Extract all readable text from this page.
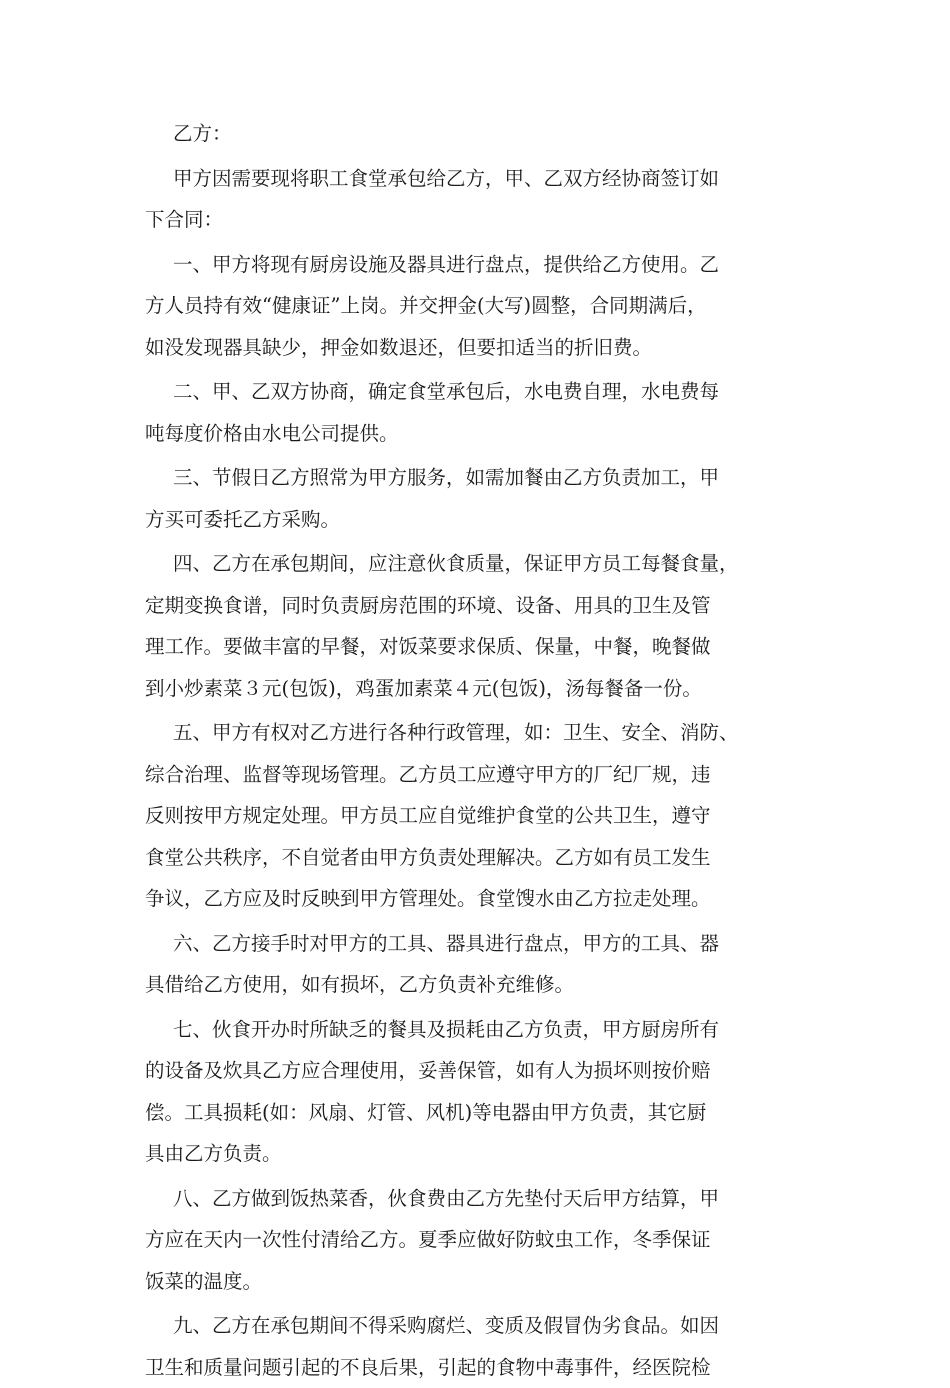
乙方：
甲方因需要现将职工食堂承包给乙方，甲、乙双方经协商签订如
下合同：
一、甲方将现有厨房设施及器具进行盘点，提供给乙方使用。乙
方人员持有效“健康证”上岗。并交押金(大写)圆整，合同期满后，
如没发现器具缺少，押金如数退还，但要扣适当的折旧费。
二、甲、乙双方协商，确定食堂承包后，水电费自理，水电费每
吨每度价格由水电公司提供。
三、节假日乙方照常为甲方服务，如需加餐由乙方负责加工，甲
方买可委托乙方采购。
四、乙方在承包期间，应注意伙食质量，保证甲方员工每餐食量，
定期变换食谱，同时负责厨房范围的环境、设备、用具的卫生及管
理工作。要做丰富的早餐，对饭菜要求保质、保量，中餐，晚餐做
到小炒素菜３元(包饭)，鸡蛋加素菜４元(包饭)，汤每餐备一份。
五、甲方有权对乙方进行各种行政管理，如：卫生、安全、消防、
综合治理、监督等现场管理。乙方员工应遵守甲方的厂纪厂规，违
反则按甲方规定处理。甲方员工应自觉维护食堂的公共卫生，遵守
食堂公共秩序，不自觉者由甲方负责处理解决。乙方如有员工发生
争议，乙方应及时反映到甲方管理处。食堂馊水由乙方拉走处理。
六、乙方接手时对甲方的工具、器具进行盘点，甲方的工具、器
具借给乙方使用，如有损坏，乙方负责补充维修。
七、伙食开办时所缺乏的餐具及损耗由乙方负责，甲方厨房所有
的设备及炊具乙方应合理使用，妥善保管，如有人为损坏则按价赔
偿。工具损耗(如：风扇、灯管、风机)等电器由甲方负责，其它厨
具由乙方负责。
八、乙方做到饭热菜香，伙食费由乙方先垫付天后甲方结算，甲
方应在天内一次性付清给乙方。夏季应做好防蚊虫工作，冬季保证
饭菜的温度。
九、乙方在承包期间不得采购腐烂、变质及假冒伪劣食品。如因
卫生和质量问题引起的不良后果，引起的食物中毒事件，经医院检
